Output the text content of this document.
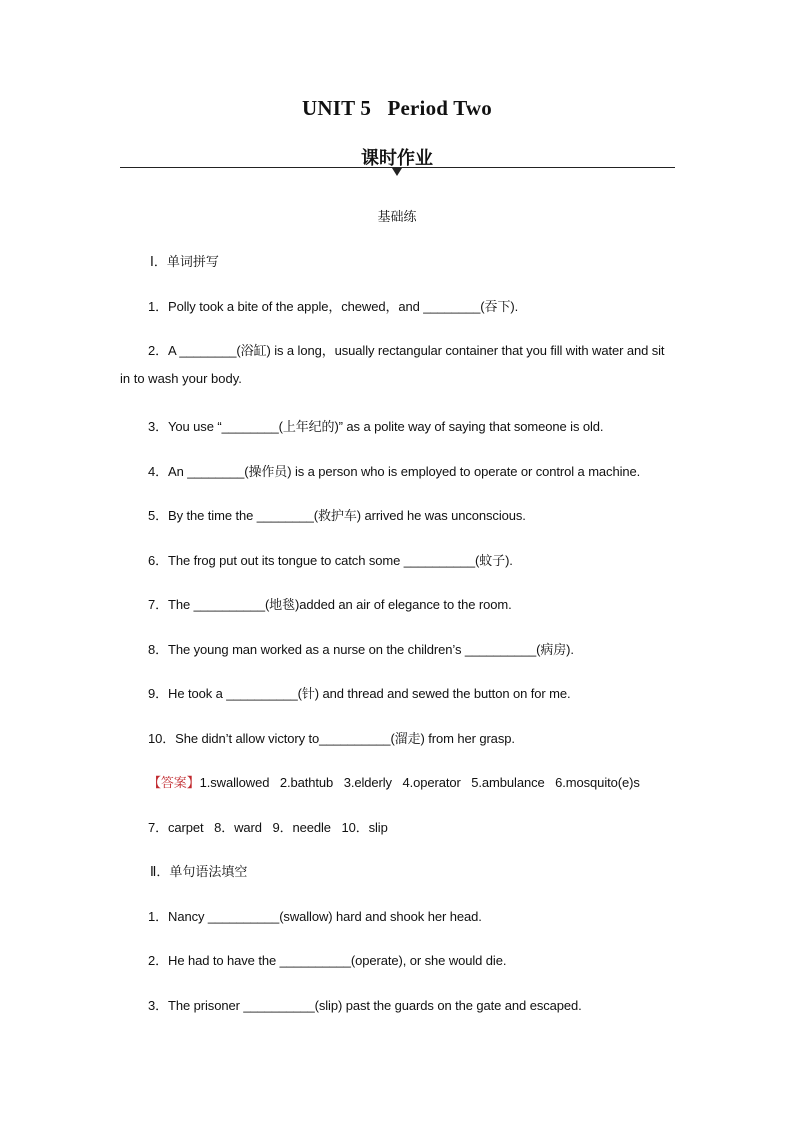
UNIT 5   Period Two
课时作业
基础练
Ⅰ．单词拼写
1．Polly took a bite of the apple，chewed，and ________(吞下).
2．A ________(浴缸) is a long，usually rectangular container that you fill with water and sit
in to wash your body.
3．You use “________(上年纪的)” as a polite way of saying that someone is old.
4．An ________(操作员) is a person who is employed to operate or control a machine.
5．By the time the ________(救护车) arrived he was unconscious.
6．The frog put out its tongue to catch some __________(蚊子).
7．The __________(地毯)added an air of elegance to the room.
8．The young man worked as a nurse on the children’s __________(病房).
9．He took a __________(针) and thread and sewed the button on for me.
10．She didn’t allow victory to__________(溜走) from her grasp.
【答案】1.swallowed   2.bathtub   3.elderly   4.operator   5.ambulance   6.mosquito(e)s
7．carpet   8．ward   9．needle   10．slip
Ⅱ．单句语法填空
1．Nancy __________(swallow) hard and shook her head.
2．He had to have the __________(operate), or she would die.
3．The prisoner __________(slip) past the guards on the gate and escaped.
